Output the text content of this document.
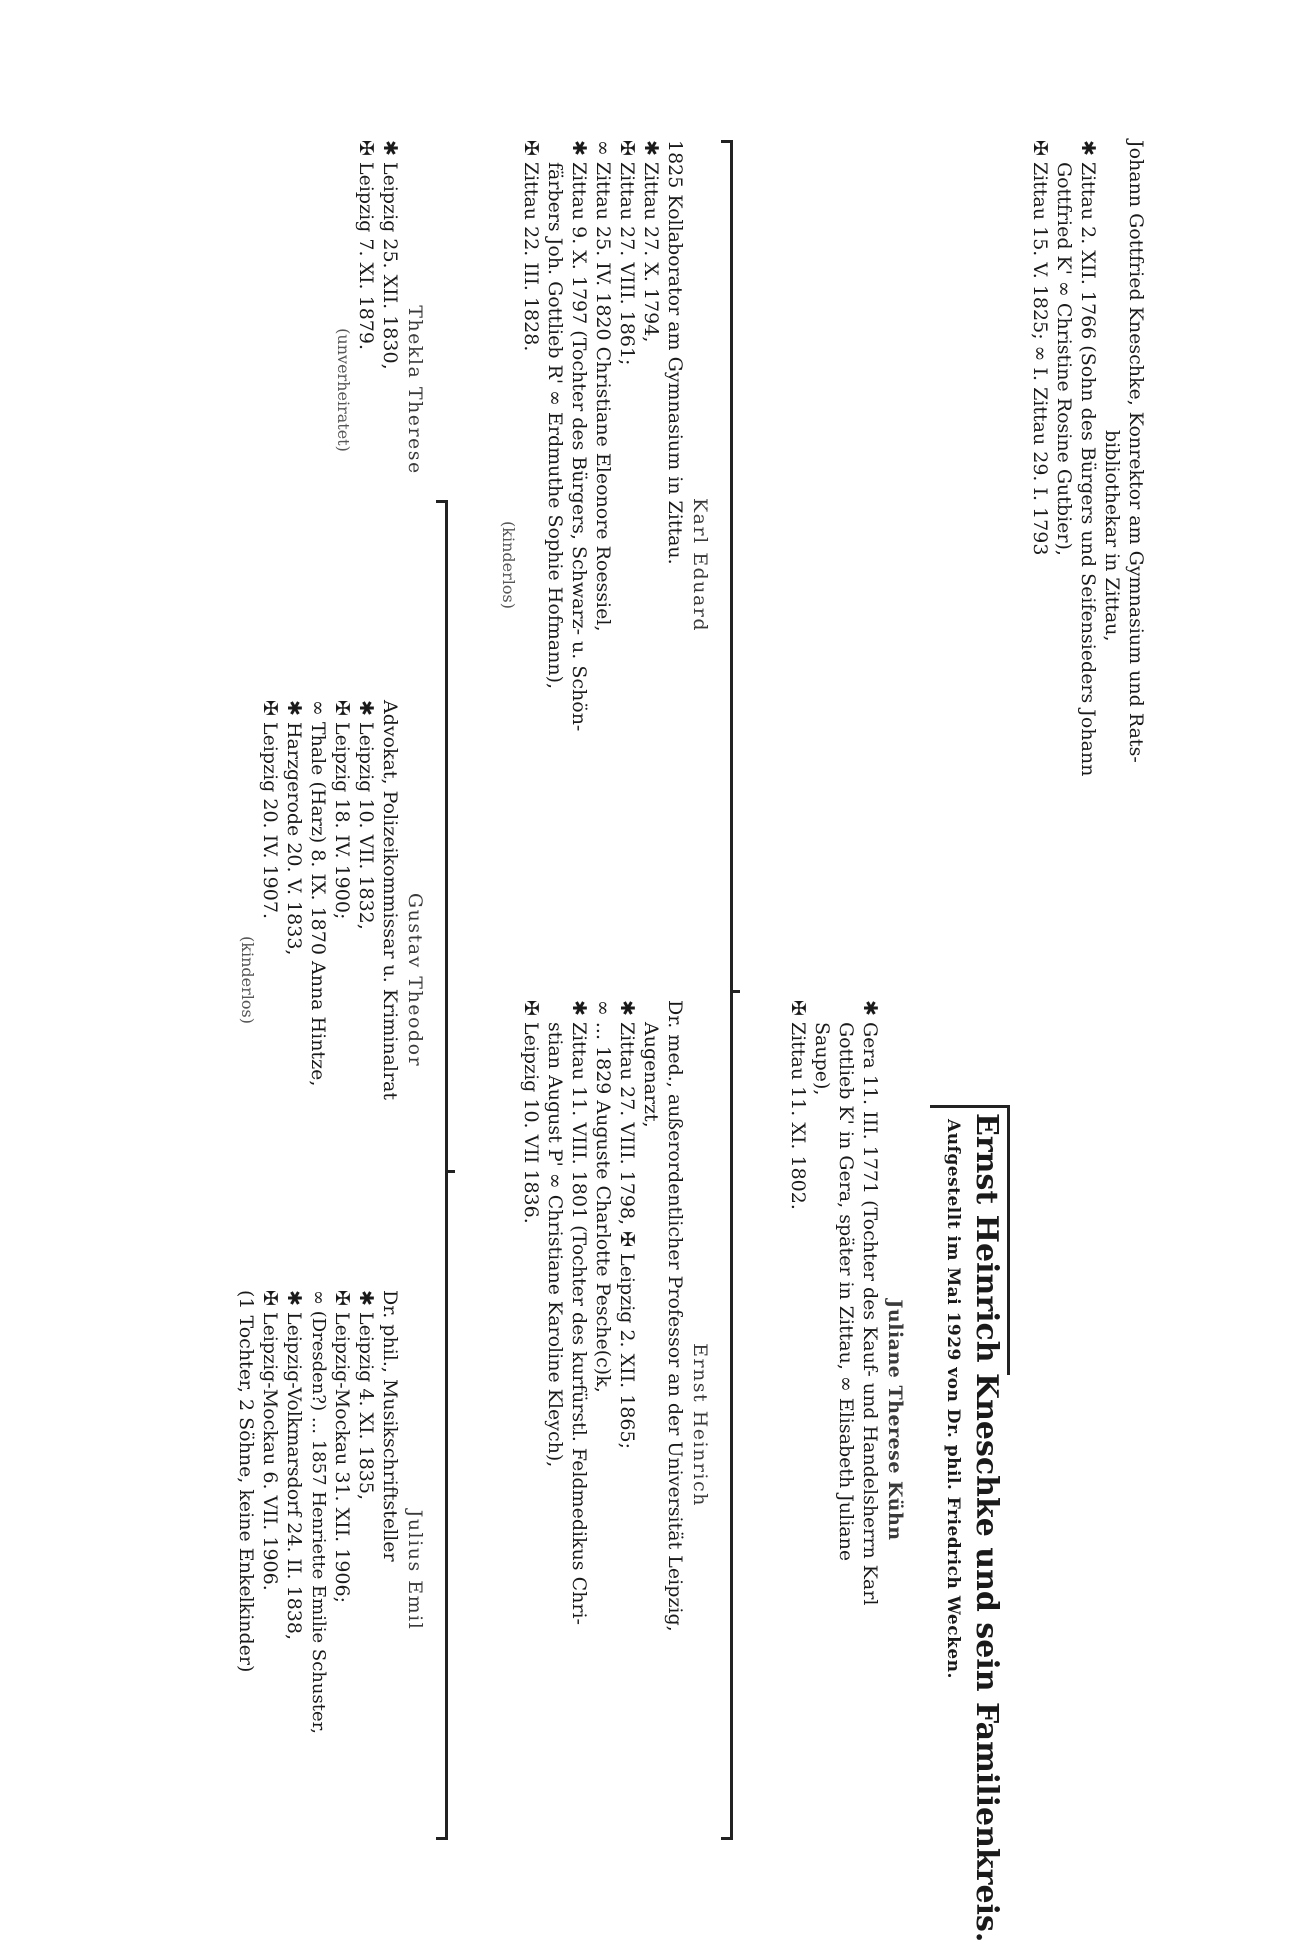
Ernst Heinrich Kneschke und sein Familienkreis.
Aufgestellt im Mai 1929 von Dr. phil. Friedrich Wecken.
Johann Gottfried Kneschke, Konrektor am Gymnasium und Rats-
bibliothekar in Zittau,
✱ Zittau 2. XII. 1766 (Sohn des Bürgers und Seifensieders Johann
Gottfried K' ∞ Christine Rosine Gutbier),
✠ Zittau 15. V. 1825; ∞ I. Zittau 29. I. 1793
Juliane Therese Kühn
✱ Gera 11. III. 1771 (Tochter des Kauf- und Handelsherrn Karl
Gottlieb K' in Gera, später in Zittau, ∞ Elisabeth Juliane
Saupe),
✠ Zittau 11. XI. 1802.
Karl Eduard
1825 Kollaborator am Gymnasium in Zittau.
✱ Zittau 27. X. 1794,
✠ Zittau 27. VIII. 1861;
∞ Zittau 25. IV. 1820 Christiane Eleonore Roessiel,
✱ Zittau 9. X. 1797 (Tochter des Bürgers, Schwarz- u. Schön-
färbers Joh. Gottlieb R' ∞ Erdmuthe Sophie Hofmann),
✠ Zittau 22. III. 1828.
(kinderlos)
Ernst Heinrich
Dr. med., außerordentlicher Professor an der Universität Leipzig,
Augenarzt,
✱ Zittau 27. VIII. 1798, ✠ Leipzig 2. XII. 1865;
∞ ... 1829 Auguste Charlotte Pesche(c)k,
✱ Zittau 11. VIII. 1801 (Tochter des kurfürstl. Feldmedikus Chri-
stian August P' ∞ Christiane Karoline Kleych),
✠ Leipzig 10. VII 1836.
Thekla Therese
✱ Leipzig 25. XII. 1830,
✠ Leipzig 7. XI. 1879.
(unverheiratet)
Gustav Theodor
Advokat, Polizeikommissar u. Kriminalrat
✱ Leipzig 10. VII. 1832,
✠ Leipzig 18. IV. 1900;
∞ Thale (Harz) 8. IX. 1870 Anna Hintze,
✱ Harzgerode 20. V. 1833,
✠ Leipzig 20. IV. 1907.
(kinderlos)
Julius Emil
Dr. phil., Musikschriftsteller
✱ Leipzig 4. XI. 1835,
✠ Leipzig-Mockau 31. XII. 1906;
∞ (Dresden?) ... 1857 Henriette Emilie Schuster,
✱ Leipzig-Volkmarsdorf 24. II. 1838,
✠ Leipzig-Mockau 6. VII. 1906.
(1 Tochter, 2 Söhne, keine Enkelkinder)
